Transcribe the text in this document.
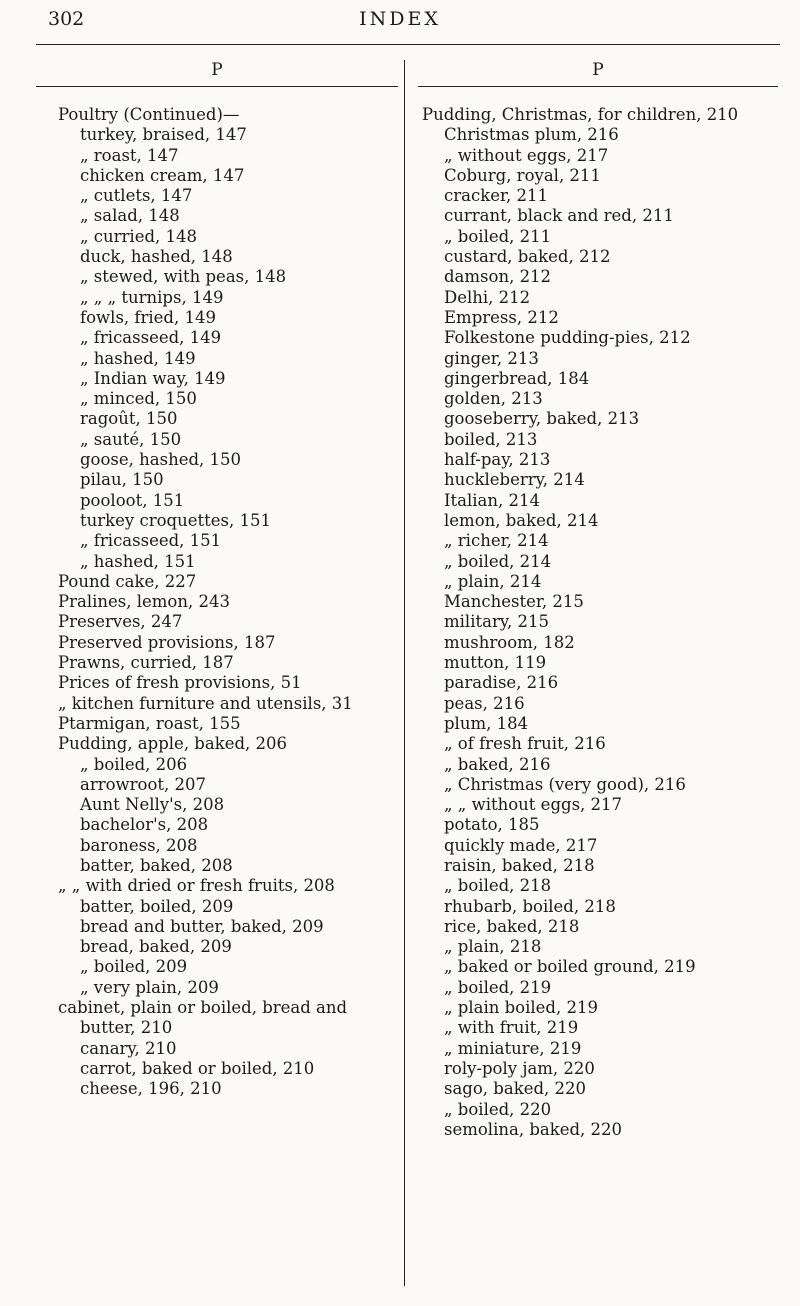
302	INDEX
P
Poultry (Continued)—
turkey, braised, 147
„ roast, 147
chicken cream, 147
„ cutlets, 147
„ salad, 148
„ curried, 148
duck, hashed, 148
„ stewed, with peas, 148
„ „ „ turnips, 149
fowls, fried, 149
„ fricasseed, 149
„ hashed, 149
„ Indian way, 149
„ minced, 150
ragoût, 150
„ sauté, 150
goose, hashed, 150
pilau, 150
pooloot, 151
turkey croquettes, 151
„ fricasseed, 151
„ hashed, 151
Pound cake, 227
Pralines, lemon, 243
Preserves, 247
Preserved provisions, 187
Prawns, curried, 187
Prices of fresh provisions, 51
„ kitchen furniture and utensils, 31
Ptarmigan, roast, 155
Pudding, apple, baked, 206
„ boiled, 206
arrowroot, 207
Aunt Nelly's, 208
bachelor's, 208
baroness, 208
batter, baked, 208
„ „ with dried or fresh fruits, 208
batter, boiled, 209
bread and butter, baked, 209
bread, baked, 209
„ boiled, 209
„ very plain, 209
cabinet, plain or boiled, bread and butter, 210
canary, 210
carrot, baked or boiled, 210
cheese, 196, 210
P
Pudding, Christmas, for children, 210
Christmas plum, 216
„ without eggs, 217
Coburg, royal, 211
cracker, 211
currant, black and red, 211
„ boiled, 211
custard, baked, 212
damson, 212
Delhi, 212
Empress, 212
Folkestone pudding-pies, 212
ginger, 213
gingerbread, 184
golden, 213
gooseberry, baked, 213
boiled, 213
half-pay, 213
huckleberry, 214
Italian, 214
lemon, baked, 214
„ richer, 214
„ boiled, 214
„ plain, 214
Manchester, 215
military, 215
mushroom, 182
mutton, 119
paradise, 216
peas, 216
plum, 184
„ of fresh fruit, 216
„ baked, 216
„ Christmas (very good), 216
„ „ without eggs, 217
potato, 185
quickly made, 217
raisin, baked, 218
„ boiled, 218
rhubarb, boiled, 218
rice, baked, 218
„ plain, 218
„ baked or boiled ground, 219
„ boiled, 219
„ plain boiled, 219
„ with fruit, 219
„ miniature, 219
roly-poly jam, 220
sago, baked, 220
„ boiled, 220
semolina, baked, 220
